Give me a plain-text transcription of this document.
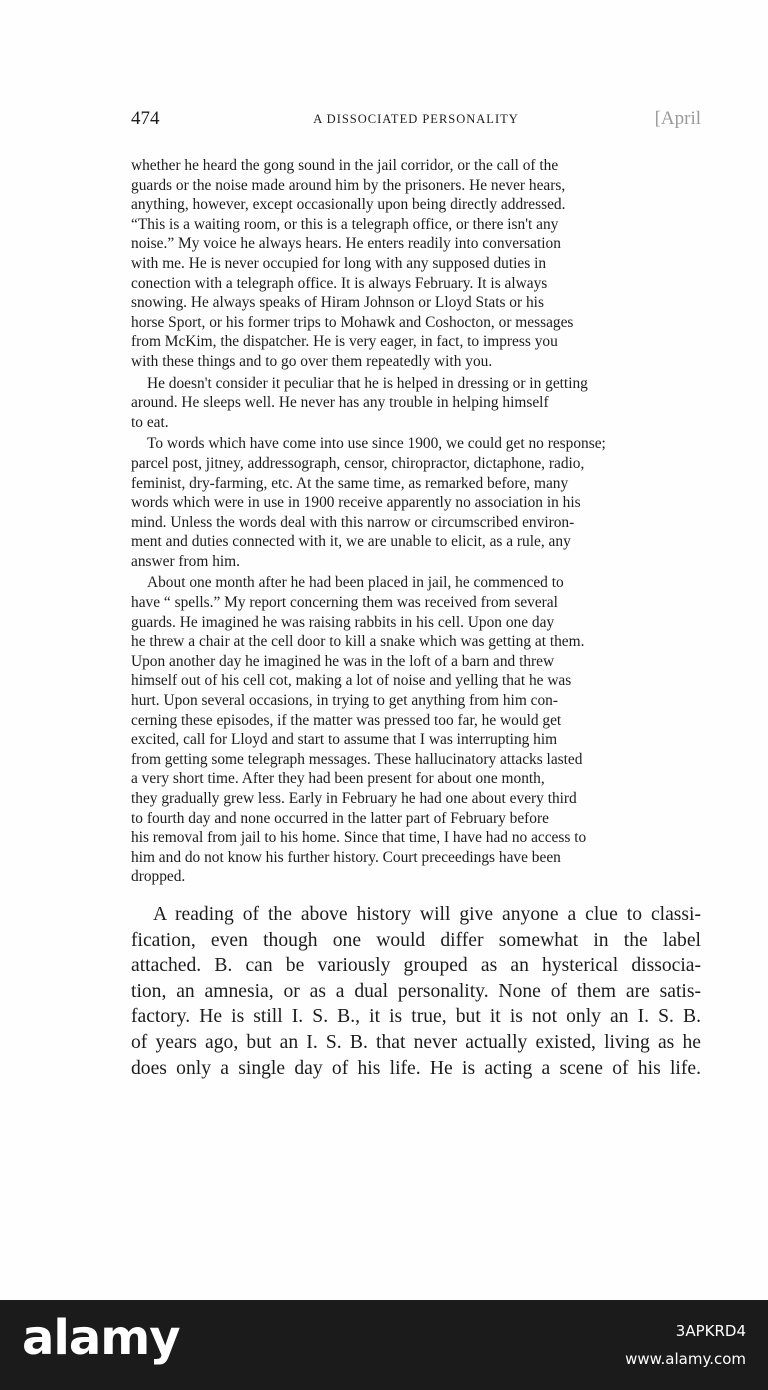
474	A DISSOCIATED PERSONALITY	[April

whether he heard the gong sound in the jail corridor, or the call of the
guards or the noise made around him by the prisoners. He never hears,
anything, however, except occasionally upon being directly addressed.
“This is a waiting room, or this is a telegraph office, or there isn't any
noise.” My voice he always hears. He enters readily into conversation
with me. He is never occupied for long with any supposed duties in
conection with a telegraph office. It is always February. It is always
snowing. He always speaks of Hiram Johnson or Lloyd Stats or his
horse Sport, or his former trips to Mohawk and Coshocton, or messages
from McKim, the dispatcher. He is very eager, in fact, to impress you
with these things and to go over them repeatedly with you.

He doesn't consider it peculiar that he is helped in dressing or in getting
around. He sleeps well. He never has any trouble in helping himself
to eat.

To words which have come into use since 1900, we could get no response;
parcel post, jitney, addressograph, censor, chiropractor, dictaphone, radio,
feminist, dry-farming, etc. At the same time, as remarked before, many
words which were in use in 1900 receive apparently no association in his
mind. Unless the words deal with this narrow or circumscribed environ-
ment and duties connected with it, we are unable to elicit, as a rule, any
answer from him.

About one month after he had been placed in jail, he commenced to
have “ spells.” My report concerning them was received from several
guards. He imagined he was raising rabbits in his cell. Upon one day
he threw a chair at the cell door to kill a snake which was getting at them.
Upon another day he imagined he was in the loft of a barn and threw
himself out of his cell cot, making a lot of noise and yelling that he was
hurt. Upon several occasions, in trying to get anything from him con-
cerning these episodes, if the matter was pressed too far, he would get
excited, call for Lloyd and start to assume that I was interrupting him
from getting some telegraph messages. These hallucinatory attacks lasted
a very short time. After they had been present for about one month,
they gradually grew less. Early in February he had one about every third
to fourth day and none occurred in the latter part of February before
his removal from jail to his home. Since that time, I have had no access to
him and do not know his further history. Court preceedings have been
dropped.

A reading of the above history will give anyone a clue to classi-
fication, even though one would differ somewhat in the label
attached. B. can be variously grouped as an hysterical dissocia-
tion, an amnesia, or as a dual personality. None of them are satis-
factory. He is still I. S. B., it is true, but it is not only an I. S. B.
of years ago, but an I. S. B. that never actually existed, living as he
does only a single day of his life. He is acting a scene of his life.

alamy	3APKRD4
www.alamy.com
